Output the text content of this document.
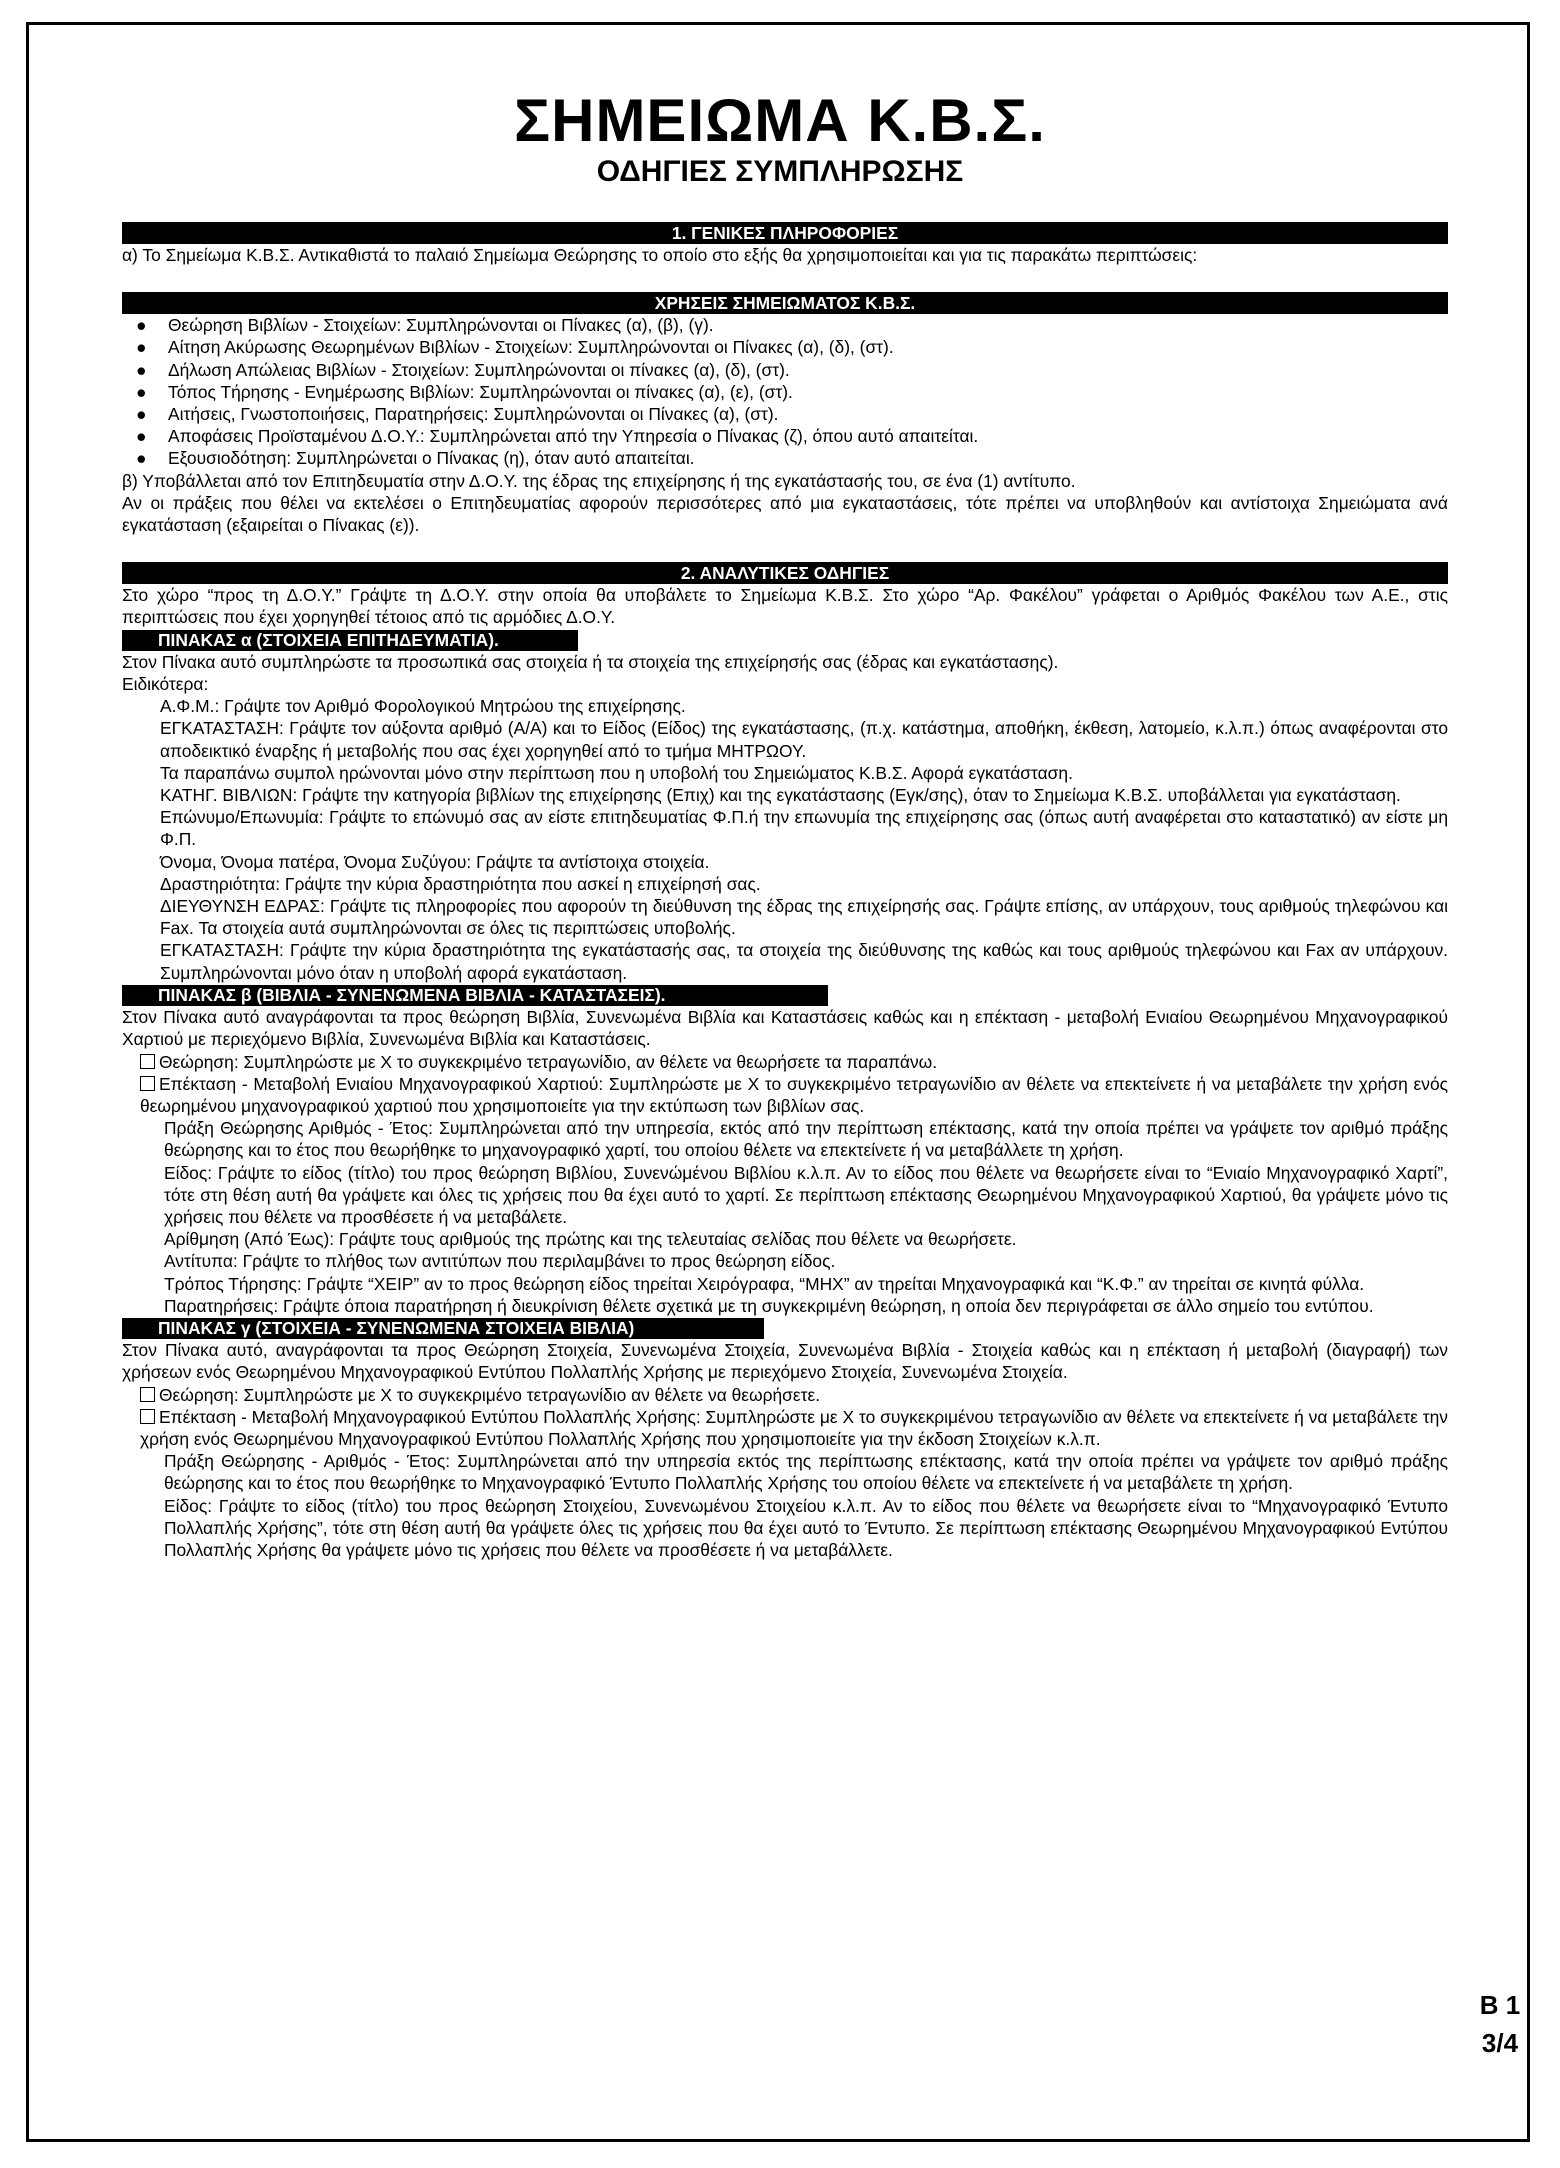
ΣΗΜΕΙΩΜΑ Κ.Β.Σ.
ΟΔΗΓΙΕΣ ΣΥΜΠΛΗΡΩΣΗΣ
1. ΓΕΝΙΚΕΣ ΠΛΗΡΟΦΟΡΙΕΣ

α) Το Σημείωμα Κ.Β.Σ. Αντικαθιστά το παλαιό Σημείωμα Θεώρησης το οποίο στο εξής θα χρησιμοποιείται και για τις παρακάτω περιπτώσεις:

ΧΡΗΣΕΙΣ ΣΗΜΕΙΩΜΑΤΟΣ Κ.Β.Σ.

● Θεώρηση Βιβλίων - Στοιχείων: Συμπληρώνονται οι Πίνακες (α), (β), (γ).

● Αίτηση Ακύρωσης Θεωρημένων Βιβλίων - Στοιχείων: Συμπληρώνονται οι Πίνακες (α), (δ), (στ).

● Δήλωση Απώλειας Βιβλίων - Στοιχείων: Συμπληρώνονται οι πίνακες (α), (δ), (στ).

● Τόπος Τήρησης - Ενημέρωσης Βιβλίων: Συμπληρώνονται οι πίνακες (α), (ε), (στ).

● Αιτήσεις, Γνωστοποιήσεις, Παρατηρήσεις: Συμπληρώνονται οι Πίνακες (α), (στ).

● Αποφάσεις Προϊσταμένου Δ.Ο.Υ.: Συμπληρώνεται από την Υπηρεσία ο Πίνακας (ζ), όπου αυτό απαιτείται.

● Εξουσιοδότηση: Συμπληρώνεται ο Πίνακας (η), όταν αυτό απαιτείται.

β) Υποβάλλεται από τον Επιτηδευματία στην Δ.Ο.Υ. της έδρας της επιχείρησης ή της εγκατάστασής του, σε ένα (1) αντίτυπο.

Αν οι πράξεις που θέλει να εκτελέσει ο Επιτηδευματίας αφορούν περισσότερες από μια εγκαταστάσεις, τότε πρέπει να υποβληθούν και αντίστοιχα Σημειώματα ανά εγκατάσταση (εξαιρείται ο Πίνακας (ε)).

2. ΑΝΑΛΥΤΙΚΕΣ ΟΔΗΓΙΕΣ

Στο χώρο “προς τη Δ.Ο.Υ.” Γράψτε τη Δ.Ο.Υ. στην οποία θα υποβάλετε το Σημείωμα Κ.Β.Σ. Στο χώρο “Αρ. Φακέλου” γράφεται ο Αριθμός Φακέλου των Α.Ε., στις περιπτώσεις που έχει χορηγηθεί τέτοιος από τις αρμόδιες Δ.Ο.Υ.

ΠΙΝΑΚΑΣ α (ΣΤΟΙΧΕΙΑ ΕΠΙΤΗΔΕΥΜΑΤΙΑ).

Στον Πίνακα αυτό συμπληρώστε τα προσωπικά σας στοιχεία ή τα στοιχεία της επιχείρησής σας (έδρας και εγκατάστασης).

Ειδικότερα:

Α.Φ.Μ.: Γράψτε τον Αριθμό Φορολογικού Μητρώου της επιχείρησης.

ΕΓΚΑΤΑΣΤΑΣΗ: Γράψτε τον αύξοντα αριθμό (Α/Α) και το Είδος (Είδος) της εγκατάστασης, (π.χ. κατάστημα, αποθήκη, έκθεση, λατομείο, κ.λ.π.) όπως αναφέρονται στο αποδεικτικό έναρξης ή μεταβολής που σας έχει χορηγηθεί από το τμήμα ΜΗΤΡΩΟΥ.

Τα παραπάνω συμπολ ηρώνονται μόνο στην περίπτωση που η υποβολή του Σημειώματος Κ.Β.Σ. Αφορά εγκατάσταση.

ΚΑΤΗΓ. ΒΙΒΛΙΩΝ: Γράψτε την κατηγορία βιβλίων της επιχείρησης (Επιχ) και της εγκατάστασης (Εγκ/σης), όταν το Σημείωμα Κ.Β.Σ. υποβάλλεται για εγκατάσταση.

Επώνυμο/Επωνυμία: Γράψτε το επώνυμό σας αν είστε επιτηδευματίας Φ.Π.ή την επωνυμία της επιχείρησης σας (όπως αυτή αναφέρεται στο καταστατικό) αν είστε μη Φ.Π.

Όνομα, Όνομα πατέρα, Όνομα Συζύγου: Γράψτε τα αντίστοιχα στοιχεία.

Δραστηριότητα: Γράψτε την κύρια δραστηριότητα που ασκεί η επιχείρησή σας.

ΔΙΕΥΘΥΝΣΗ ΕΔΡΑΣ: Γράψτε τις πληροφορίες που αφορούν τη διεύθυνση της έδρας της επιχείρησής σας. Γράψτε επίσης, αν υπάρχουν, τους αριθμούς τηλεφώνου και Fax. Τα στοιχεία αυτά συμπληρώνονται σε όλες τις περιπτώσεις υποβολής.

ΕΓΚΑΤΑΣΤΑΣΗ: Γράψτε την κύρια δραστηριότητα της εγκατάστασής σας, τα στοιχεία της διεύθυνσης της καθώς και τους αριθμούς τηλεφώνου και Fax αν υπάρχουν. Συμπληρώνονται μόνο όταν η υποβολή αφορά εγκατάσταση.

ΠΙΝΑΚΑΣ β (ΒΙΒΛΙΑ - ΣΥΝΕΝΩΜΕΝΑ ΒΙΒΛΙΑ - ΚΑΤΑΣΤΑΣΕΙΣ).

Στον Πίνακα αυτό αναγράφονται τα προς θεώρηση Βιβλία, Συνενωμένα Βιβλία και Καταστάσεις καθώς και η επέκταση - μεταβολή Ενιαίου Θεωρημένου Μηχανογραφικού Χαρτιού με περιεχόμενο Βιβλία, Συνενωμένα Βιβλία και Καταστάσεις.

Θεώρηση: Συμπληρώστε με Χ το συγκεκριμένο τετραγωνίδιο, αν θέλετε να θεωρήσετε τα παραπάνω.

Επέκταση - Μεταβολή Ενιαίου Μηχανογραφικού Χαρτιού: Συμπληρώστε με Χ το συγκεκριμένο τετραγωνίδιο αν θέλετε να επεκτείνετε ή να μεταβάλετε την χρήση ενός θεωρημένου μηχανογραφικού χαρτιού που χρησιμοποιείτε για την εκτύπωση των βιβλίων σας.

Πράξη Θεώρησης Αριθμός - Έτος: Συμπληρώνεται από την υπηρεσία, εκτός από την περίπτωση επέκτασης, κατά την οποία πρέπει να γράψετε τον αριθμό πράξης θεώρησης και το έτος που θεωρήθηκε το μηχανογραφικό χαρτί, του οποίου θέλετε να επεκτείνετε ή να μεταβάλλετε τη χρήση.

Είδος: Γράψτε το είδος (τίτλο) του προς θεώρηση Βιβλίου, Συνενώμένου Βιβλίου κ.λ.π. Αν το είδος που θέλετε να θεωρήσετε είναι το “Ενιαίο Μηχανογραφικό Χαρτί”, τότε στη θέση αυτή θα γράψετε και όλες τις χρήσεις που θα έχει αυτό το χαρτί. Σε περίπτωση επέκτασης Θεωρημένου Μηχανογραφικού Χαρτιού, θα γράψετε μόνο τις χρήσεις που θέλετε να προσθέσετε ή να μεταβάλετε.

Αρίθμηση (Από Έως): Γράψτε τους αριθμούς της πρώτης και της τελευταίας σελίδας που θέλετε να θεωρήσετε.

Αντίτυπα: Γράψτε το πλήθος των αντιτύπων που περιλαμβάνει το προς θεώρηση είδος.

Τρόπος Τήρησης: Γράψτε “ΧΕΙΡ” αν το προς θεώρηση είδος τηρείται Χειρόγραφα, “ΜΗΧ” αν τηρείται Μηχανογραφικά και “Κ.Φ.” αν τηρείται σε κινητά φύλλα.

Παρατηρήσεις: Γράψτε όποια παρατήρηση ή διευκρίνιση θέλετε σχετικά με τη συγκεκριμένη θεώρηση, η οποία δεν περιγράφεται σε άλλο σημείο του εντύπου.

ΠΙΝΑΚΑΣ γ (ΣΤΟΙΧΕΙΑ - ΣΥΝΕΝΩΜΕΝΑ ΣΤΟΙΧΕΙΑ ΒΙΒΛΙΑ)

Στον Πίνακα αυτό, αναγράφονται τα προς Θεώρηση Στοιχεία, Συνενωμένα Στοιχεία, Συνενωμένα Βιβλία - Στοιχεία καθώς και η επέκταση ή μεταβολή (διαγραφή) των χρήσεων ενός Θεωρημένου Μηχανογραφικού Εντύπου Πολλαπλής Χρήσης με περιεχόμενο Στοιχεία, Συνενωμένα Στοιχεία.

Θεώρηση: Συμπληρώστε με Χ το συγκεκριμένο τετραγωνίδιο αν θέλετε να θεωρήσετε.

Επέκταση - Μεταβολή Μηχανογραφικού Εντύπου Πολλαπλής Χρήσης: Συμπληρώστε με Χ το συγκεκριμένου τετραγωνίδιο αν θέλετε να επεκτείνετε ή να μεταβάλετε την χρήση ενός Θεωρημένου Μηχανογραφικού Εντύπου Πολλαπλής Χρήσης που χρησιμοποιείτε για την έκδοση Στοιχείων κ.λ.π.

Πράξη Θεώρησης - Αριθμός - Έτος: Συμπληρώνεται από την υπηρεσία εκτός της περίπτωσης επέκτασης, κατά την οποία πρέπει να γράψετε τον αριθμό πράξης θεώρησης και το έτος που θεωρήθηκε το Μηχανογραφικό Έντυπο Πολλαπλής Χρήσης του οποίου θέλετε να επεκτείνετε ή να μεταβάλετε τη χρήση.

Είδος: Γράψτε το είδος (τίτλο) του προς θεώρηση Στοιχείου, Συνενωμένου Στοιχείου κ.λ.π. Αν το είδος που θέλετε να θεωρήσετε είναι το “Μηχανογραφικό Έντυπο Πολλαπλής Χρήσης”, τότε στη θέση αυτή θα γράψετε όλες τις χρήσεις που θα έχει αυτό το Έντυπο. Σε περίπτωση επέκτασης Θεωρημένου Μηχανογραφικού Εντύπου Πολλαπλής Χρήσης θα γράψετε μόνο τις χρήσεις που θέλετε να προσθέσετε ή να μεταβάλλετε.

Β 1
3/4
